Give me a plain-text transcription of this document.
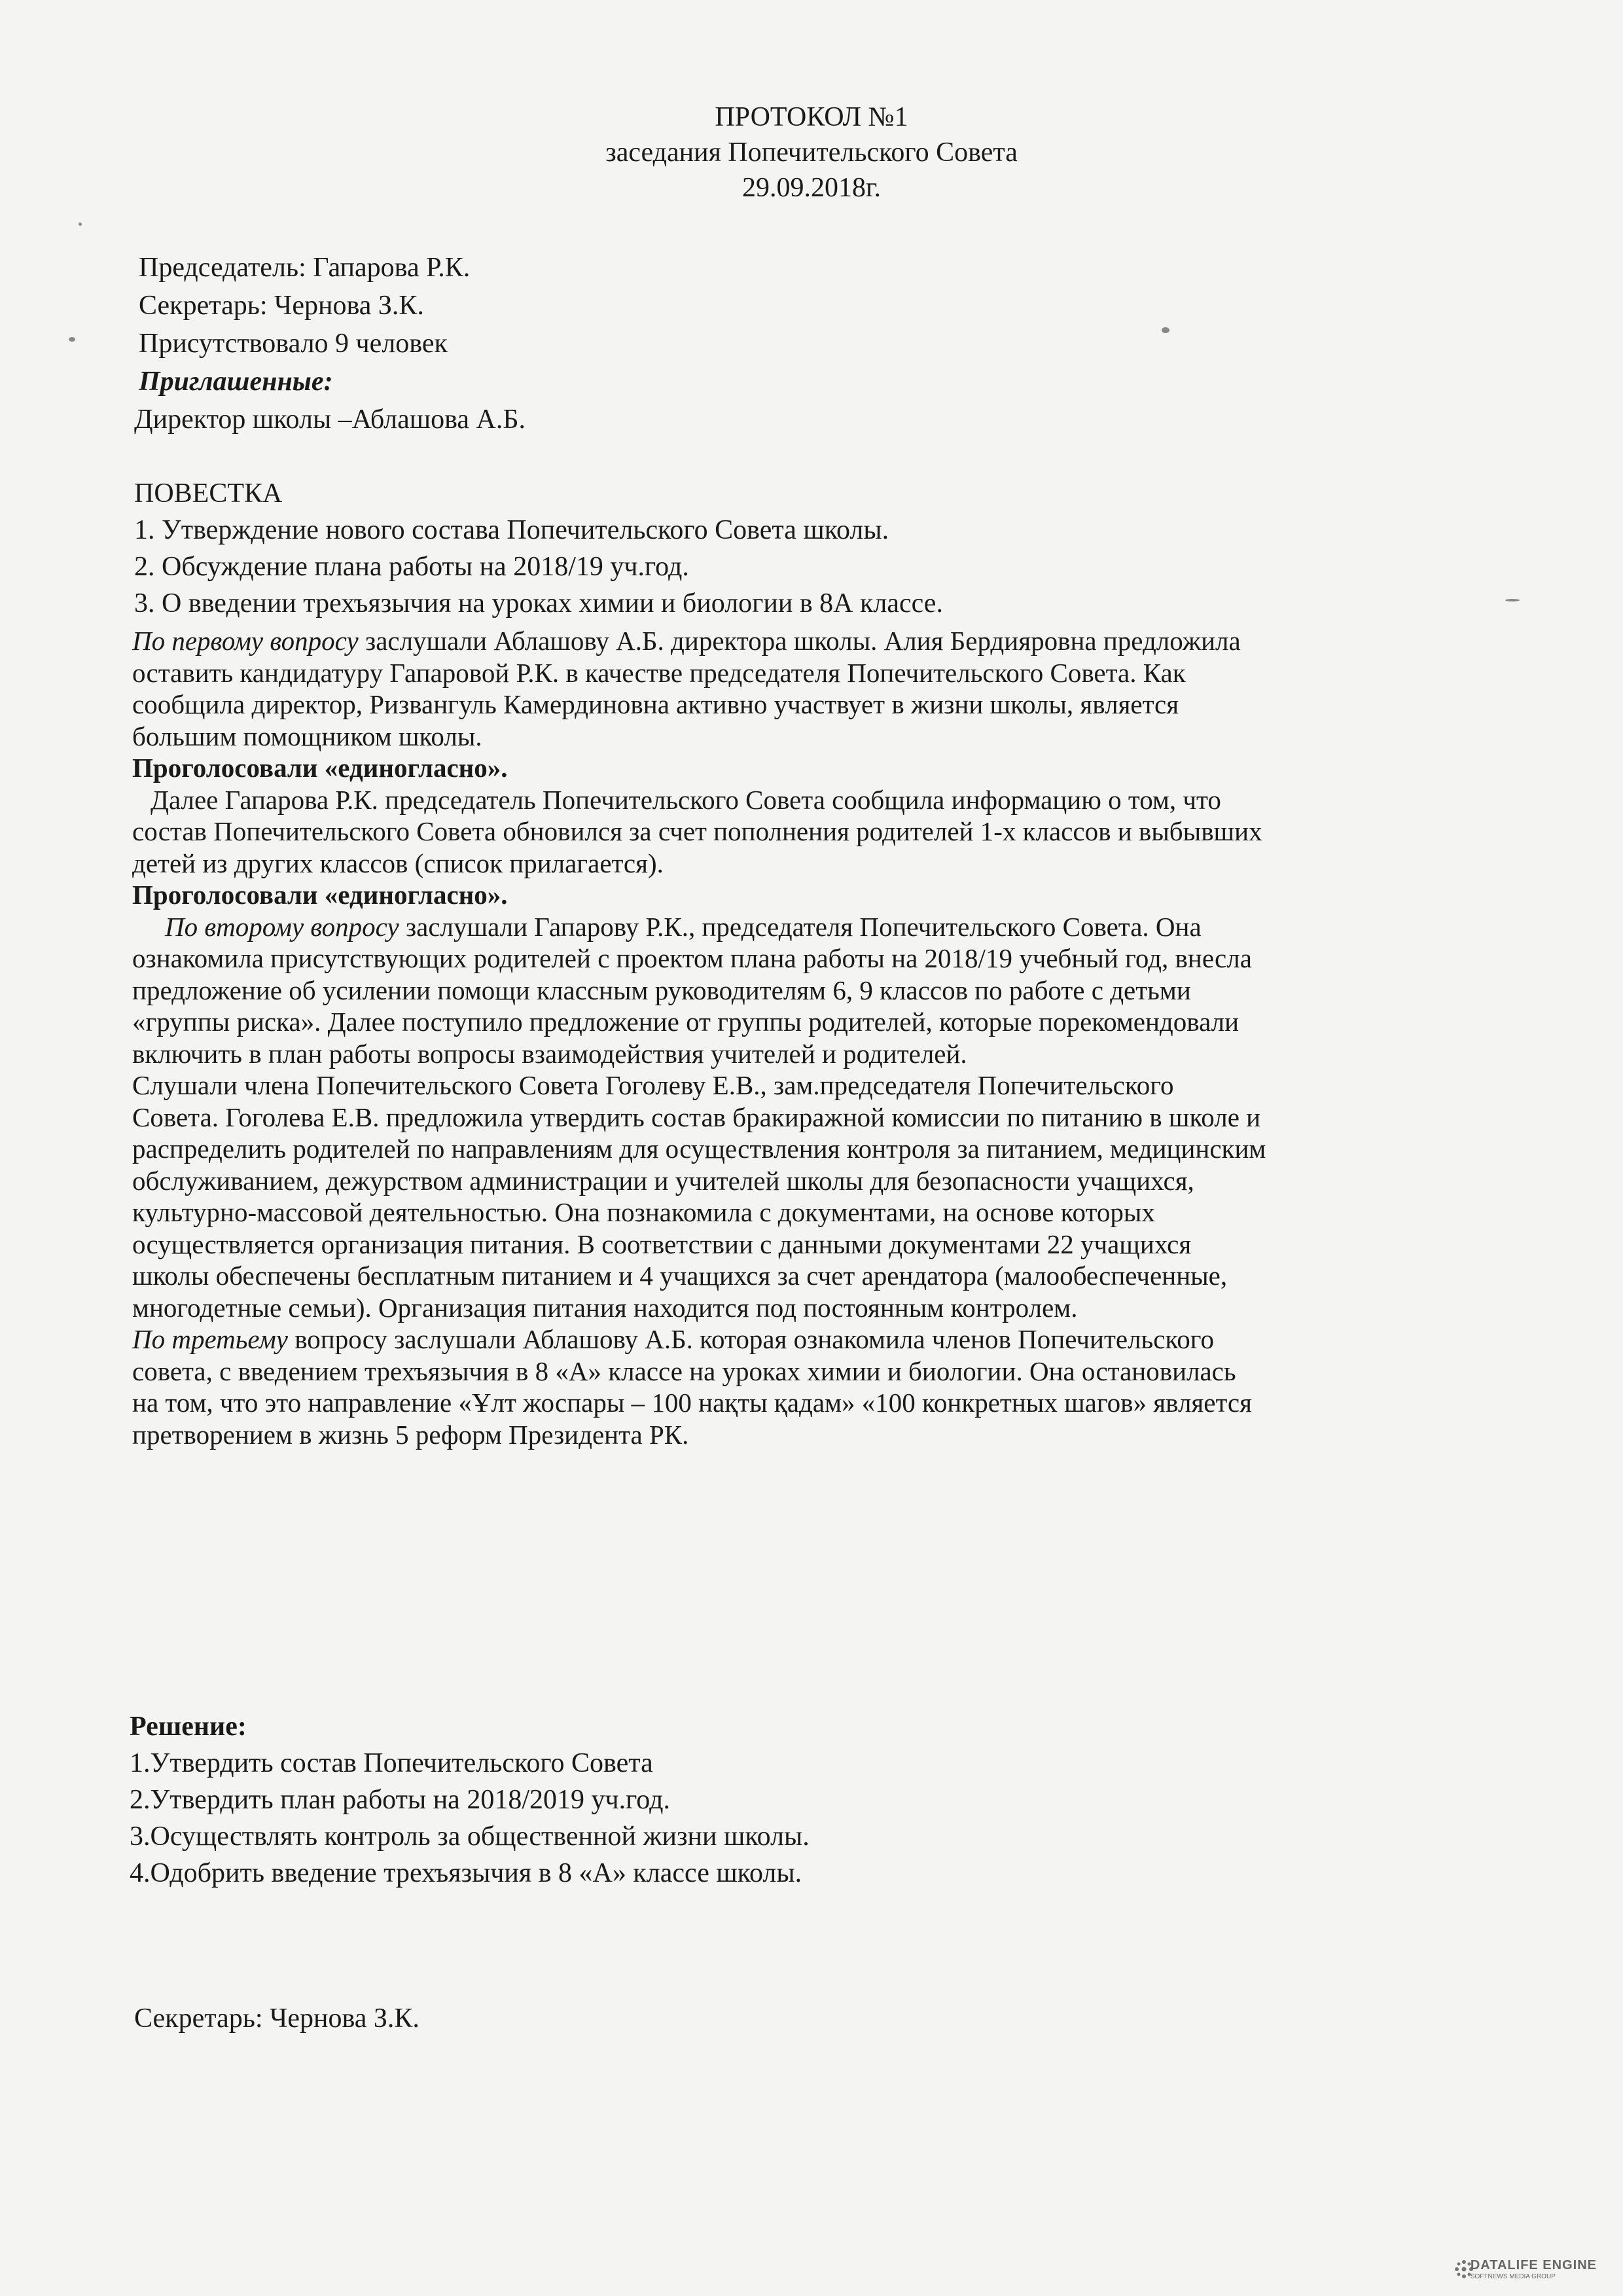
ПРОТОКОЛ №1
заседания Попечительского Совета
29.09.2018г.
Председатель: Гапарова Р.К.
Секретарь: Чернова З.К.
Присутствовало 9 человек
Приглашенные:
Директор школы –Аблашова А.Б.
ПОВЕСТКА
1. Утверждение нового состава Попечительского Совета школы.
2. Обсуждение плана работы на 2018/19 уч.год.
3. О введении трехъязычия на уроках химии и биологии в 8А классе.
По первому вопросу заслушали Аблашову А.Б. директора школы. Алия Бердияровна предложила
оставить кандидатуру Гапаровой Р.К. в качестве председателя Попечительского Совета. Как
сообщила директор, Ризвангуль Камердиновна активно участвует в жизни школы, является
большим помощником школы.
Проголосовали «единогласно».
Далее Гапарова Р.К. председатель Попечительского Совета сообщила информацию о том, что
состав Попечительского Совета обновился за счет пополнения родителей 1-х классов и выбывших
детей из других классов (список прилагается).
Проголосовали «единогласно».
По второму вопросу заслушали Гапарову Р.К., председателя Попечительского Совета. Она
ознакомила присутствующих родителей с проектом плана работы на 2018/19 учебный год, внесла
предложение об усилении помощи классным руководителям 6, 9 классов по работе с детьми
«группы риска». Далее поступило предложение от группы родителей, которые порекомендовали
включить в план работы вопросы взаимодействия учителей и родителей.
Слушали члена Попечительского Совета Гоголеву Е.В., зам.председателя Попечительского
Совета. Гоголева Е.В. предложила утвердить состав бракиражной комиссии по питанию в школе и
распределить родителей по направлениям для осуществления контроля за питанием, медицинским
обслуживанием, дежурством администрации и учителей школы для безопасности учащихся,
культурно-массовой деятельностью. Она познакомила с документами, на основе которых
осуществляется организация питания. В соответствии с данными документами 22 учащихся
школы обеспечены бесплатным питанием и 4 учащихся за счет арендатора (малообеспеченные,
многодетные семьи). Организация питания находится под постоянным контролем.
По третьему вопросу заслушали Аблашову А.Б. которая ознакомила членов Попечительского
совета, с введением трехъязычия в 8 «А» классе на уроках химии и биологии. Она остановилась
на том, что это направление «Ұлт жоспары – 100 нақты қадам» «100 конкретных шагов» является
претворением в жизнь 5 реформ Президента РК.
Решение:
1.Утвердить состав Попечительского Совета
2.Утвердить план работы на 2018/2019 уч.год.
3.Осуществлять контроль за общественной жизни школы.
4.Одобрить введение трехъязычия в 8 «А» классе школы.
Секретарь: Чернова З.К.
DATALIFE ENGINE
SOFTNEWS MEDIA GROUP
